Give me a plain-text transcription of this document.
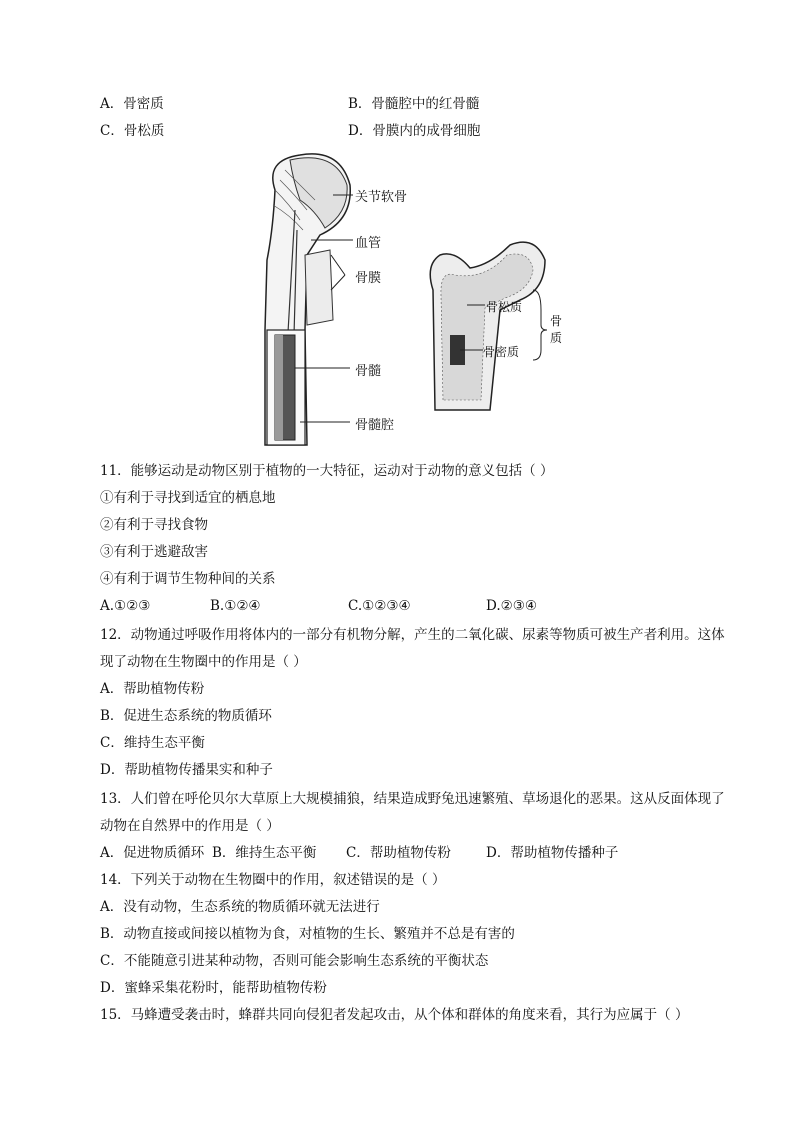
A．骨密质	B．骨髓腔中的红骨髓
C．骨松质	D．骨膜内的成骨细胞
关节软骨
血管
骨膜
骨髓
骨髓腔
骨松质
骨密质
骨
质
11．能够运动是动物区别于植物的一大特征，运动对于动物的意义包括（ ）
①有利于寻找到适宜的栖息地
②有利于寻找食物
③有利于逃避敌害
④有利于调节生物种间的关系
A.①②③	B.①②④	C.①②③④	D.②③④
12．动物通过呼吸作用将体内的一部分有机物分解，产生的二氧化碳、尿素等物质可被生产者利用。这体
现了动物在生物圈中的作用是（ ）
A．帮助植物传粉
B．促进生态系统的物质循环
C．维持生态平衡
D．帮助植物传播果实和种子
13．人们曾在呼伦贝尔大草原上大规模捕狼，结果造成野兔迅速繁殖、草场退化的恶果。这从反面体现了
动物在自然界中的作用是（ ）
A．促进物质循环 B．维持生态平衡 C．帮助植物传粉	D．帮助植物传播种子
14．下列关于动物在生物圈中的作用，叙述错误的是（ ）
A．没有动物，生态系统的物质循环就无法进行
B．动物直接或间接以植物为食，对植物的生长、繁殖并不总是有害的
C．不能随意引进某种动物，否则可能会影响生态系统的平衡状态
D．蜜蜂采集花粉时，能帮助植物传粉
15．马蜂遭受袭击时，蜂群共同向侵犯者发起攻击，从个体和群体的角度来看，其行为应属于（ ）
